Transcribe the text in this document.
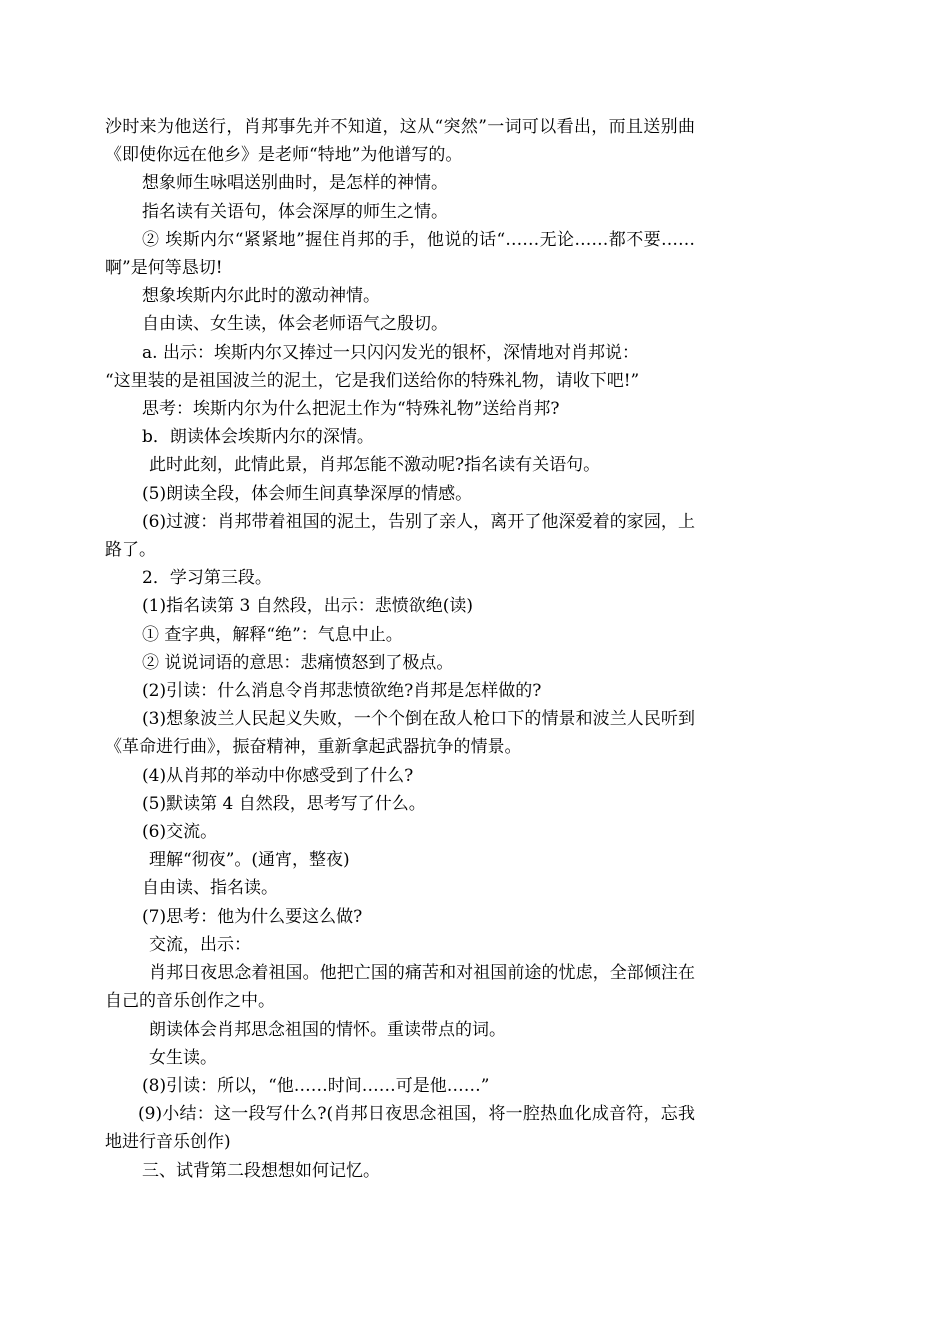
沙时来为他送行，肖邦事先并不知道，这从“突然”一词可以看出，而且送别曲《即使你远在他乡》是老师“特地”为他谱写的。

想象师生咏唱送别曲时，是怎样的神情。

指名读有关语句，体会深厚的师生之情。

② 埃斯内尔“紧紧地”握住肖邦的手，他说的话“……无论……都不要……啊”是何等恳切!

想象埃斯内尔此时的激动神情。

自由读、女生读，体会老师语气之殷切。

a. 出示：埃斯内尔又捧过一只闪闪发光的银杯，深情地对肖邦说：

“这里装的是祖国波兰的泥土，它是我们送给你的特殊礼物，请收下吧!”

思考：埃斯内尔为什么把泥土作为“特殊礼物”送给肖邦?

b．朗读体会埃斯内尔的深情。

此时此刻，此情此景，肖邦怎能不激动呢?指名读有关语句。

(5)朗读全段，体会师生间真挚深厚的情感。

(6)过渡：肖邦带着祖国的泥土，告别了亲人，离开了他深爱着的家园，上路了。

2．学习第三段。

(1)指名读第 3 自然段，出示：悲愤欲绝(读)

① 查字典，解释“绝”：气息中止。

② 说说词语的意思：悲痛愤怒到了极点。

(2)引读：什么消息令肖邦悲愤欲绝?肖邦是怎样做的?

(3)想象波兰人民起义失败，一个个倒在敌人枪口下的情景和波兰人民听到《革命进行曲》，振奋精神，重新拿起武器抗争的情景。

(4)从肖邦的举动中你感受到了什么?

(5)默读第 4 自然段，思考写了什么。

(6)交流。

理解“彻夜”。(通宵，整夜)

自由读、指名读。

(7)思考：他为什么要这么做?

交流，出示：

肖邦日夜思念着祖国。他把亡国的痛苦和对祖国前途的忧虑，全部倾注在自己的音乐创作之中。

朗读体会肖邦思念祖国的情怀。重读带点的词。

女生读。

(8)引读：所以，“他……时间……可是他……”

(9)小结：这一段写什么?(肖邦日夜思念祖国，将一腔热血化成音符，忘我地进行音乐创作)

三、试背第二段想想如何记忆。
